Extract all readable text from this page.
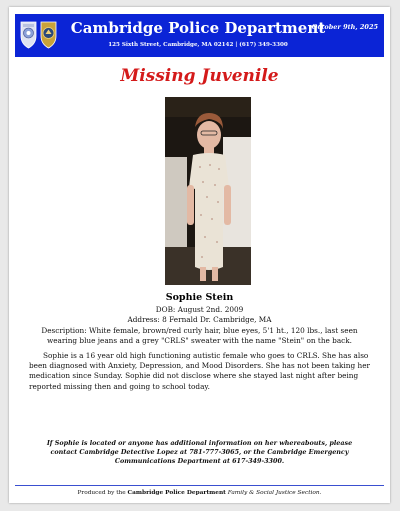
Cambridge Police Department
125 Sixth Street, Cambridge, MA 02142 | (617) 349-3300
October 9th, 2025
Missing Juvenile
Sophie Stein

DOB: August 2nd. 2009

Address: 8 Fernald Dr. Cambridge, MA

Description: White female, brown/red curly hair, blue eyes, 5'1 ht., 120 lbs., last seen wearing blue jeans and a grey "CRLS" sweater with the name "Stein" on the back.

Sophie is a 16 year old high functioning autistic female who goes to CRLS. She has also been diagnosed with Anxiety, Depression, and Mood Disorders. She has not been taking her medication since Sunday. Sophie did not disclose where she stayed last night after being reported missing then and going to school today.

If Sophie is located or anyone has additional information on her whereabouts, please contact Cambridge Detective Lopez at 781-777-3065, or the Cambridge Emergency Communications Department at 617-349-3300.
Produced by the Cambridge Police Department Family & Social Justice Section.
